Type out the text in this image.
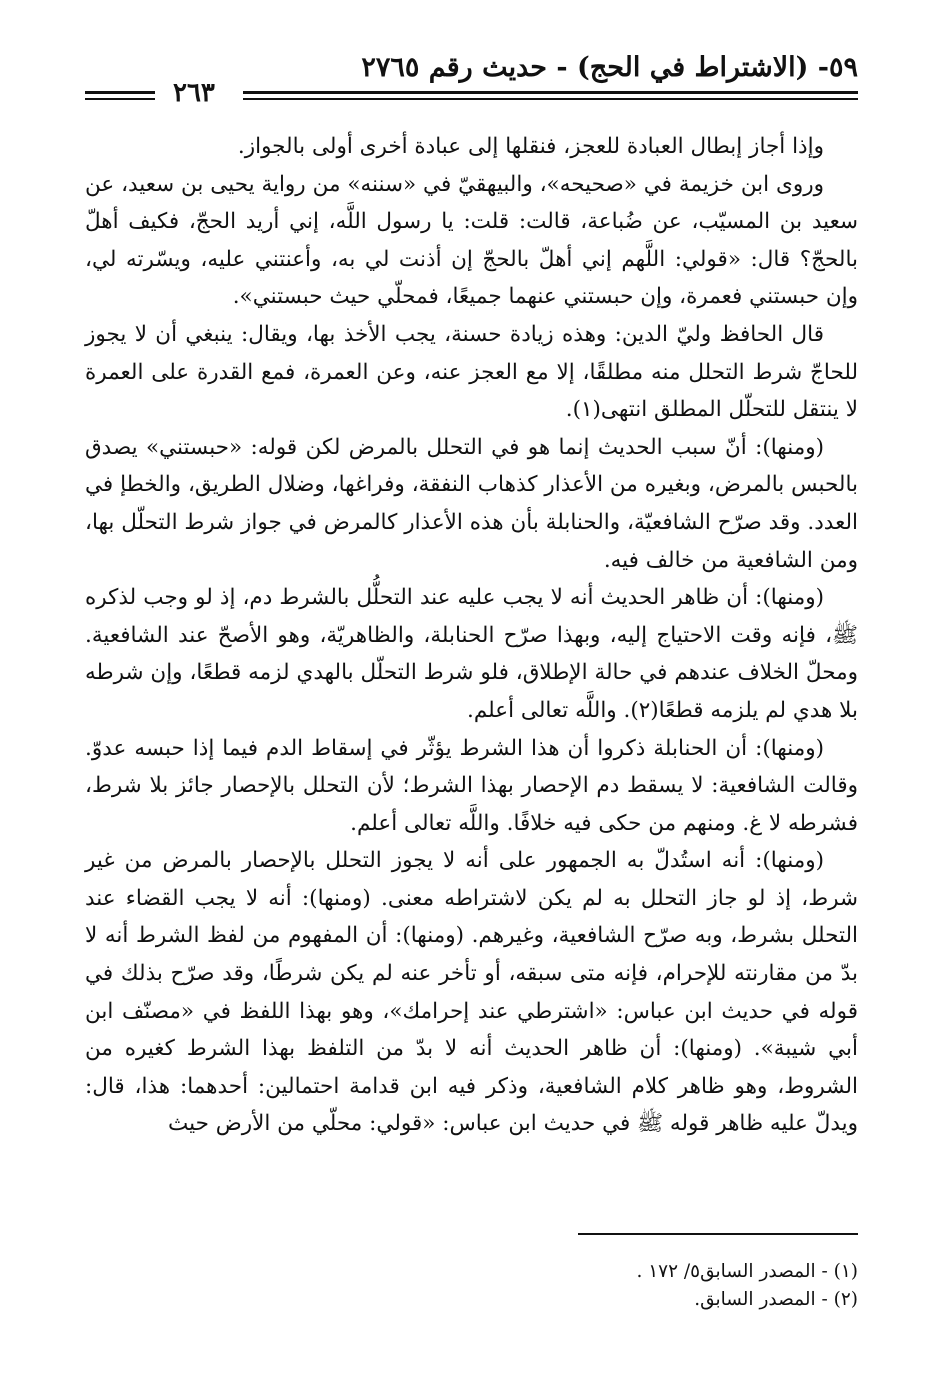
٥٩- (الاشتراط في الحج) - حديث رقم ٢٧٦٥
٢٦٣

وإذا أجاز إبطال العبادة للعجز، فنقلها إلى عبادة أخرى أولى بالجواز.

وروى ابن خزيمة في «صحيحه»، والبيهقيّ في «سننه» من رواية يحيى بن سعيد، عن سعيد بن المسيّب، عن ضُباعة، قالت: قلت: يا رسول اللَّه، إني أريد الحجّ، فكيف أهلّ بالحجّ؟ قال: «قولي: اللَّهم إني أهلّ بالحجّ إن أذنت لي به، وأعنتني عليه، ويسّرته لي، وإن حبستني فعمرة، وإن حبستني عنهما جميعًا، فمحلّي حيث حبستني».

قال الحافظ وليّ الدين: وهذه زيادة حسنة، يجب الأخذ بها، ويقال: ينبغي أن لا يجوز للحاجّ شرط التحلل منه مطلقًا، إلا مع العجز عنه، وعن العمرة، فمع القدرة على العمرة لا ينتقل للتحلّل المطلق انتهى(١).

(ومنها): أنّ سبب الحديث إنما هو في التحلل بالمرض لكن قوله: «حبستني» يصدق بالحبس بالمرض، وبغيره من الأعذار كذهاب النفقة، وفراغها، وضلال الطريق، والخطإ في العدد. وقد صرّح الشافعيّة، والحنابلة بأن هذه الأعذار كالمرض في جواز شرط التحلّل بها، ومن الشافعية من خالف فيه.

(ومنها): أن ظاهر الحديث أنه لا يجب عليه عند التحلُّل بالشرط دم، إذ لو وجب لذكره ﷺ، فإنه وقت الاحتياج إليه، وبهذا صرّح الحنابلة، والظاهريّة، وهو الأصحّ عند الشافعية. ومحلّ الخلاف عندهم في حالة الإطلاق، فلو شرط التحلّل بالهدي لزمه قطعًا، وإن شرطه بلا هدي لم يلزمه قطعًا(٢). واللَّه تعالى أعلم.

(ومنها): أن الحنابلة ذكروا أن هذا الشرط يؤثّر في إسقاط الدم فيما إذا حبسه عدوّ. وقالت الشافعية: لا يسقط دم الإحصار بهذا الشرط؛ لأن التحلل بالإحصار جائز بلا شرط، فشرطه لا غ. ومنهم من حكى فيه خلافًا. واللَّه تعالى أعلم.

(ومنها): أنه استُدلّ به الجمهور على أنه لا يجوز التحلل بالإحصار بالمرض من غير شرط، إذ لو جاز التحلل به لم يكن لاشتراطه معنى. (ومنها): أنه لا يجب القضاء عند التحلل بشرط، وبه صرّح الشافعية، وغيرهم. (ومنها): أن المفهوم من لفظ الشرط أنه لا بدّ من مقارنته للإحرام، فإنه متى سبقه، أو تأخر عنه لم يكن شرطًا، وقد صرّح بذلك في قوله في حديث ابن عباس: «اشترطي عند إحرامك»، وهو بهذا اللفظ في «مصنّف ابن أبي شيبة». (ومنها): أن ظاهر الحديث أنه لا بدّ من التلفظ بهذا الشرط كغيره من الشروط، وهو ظاهر كلام الشافعية، وذكر فيه ابن قدامة احتمالين: أحدهما: هذا، قال: ويدلّ عليه ظاهر قوله ﷺ في حديث ابن عباس: «قولي: محلّي من الأرض حيث

(١) - المصدر السابق٥/ ١٧٢ .
(٢) - المصدر السابق.
